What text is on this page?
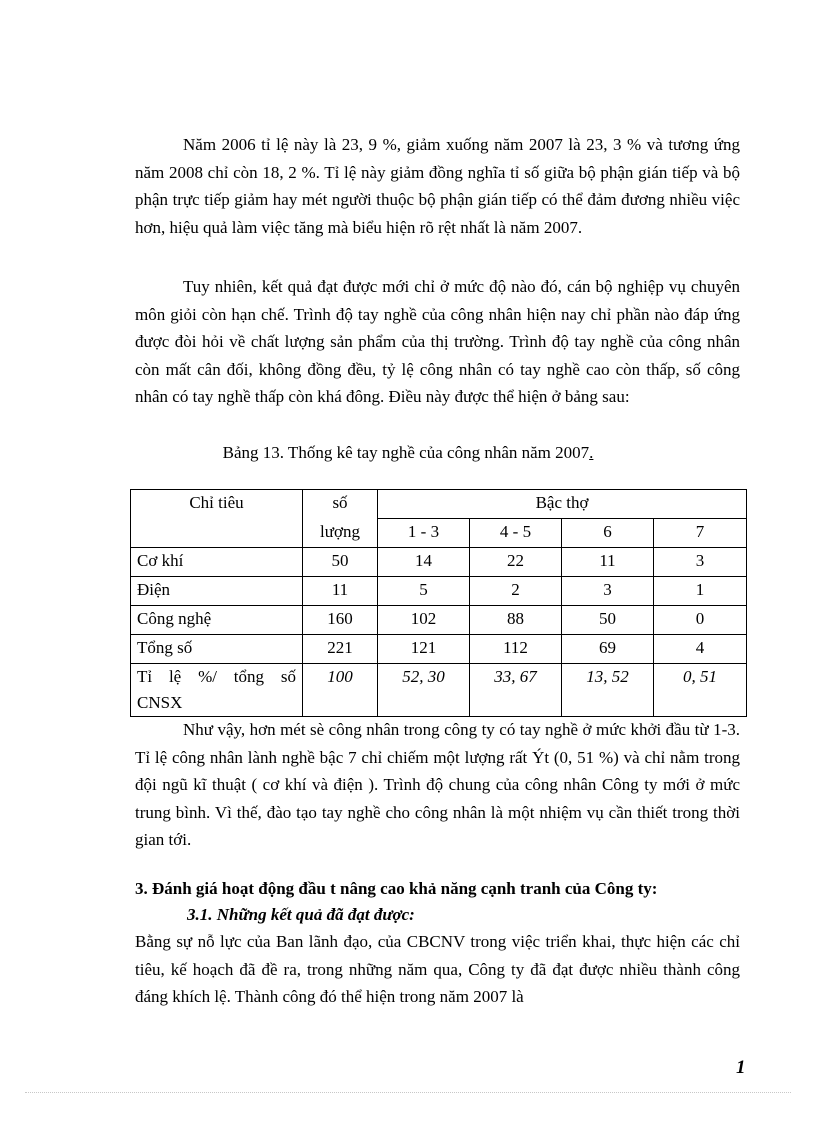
Năm 2006 tỉ lệ này là 23, 9 %, giảm xuống năm 2007 là 23, 3 % và tương ứng năm 2008 chỉ còn 18, 2 %. Tỉ lệ này giảm đồng nghĩa tỉ số giữa bộ phận gián tiếp và bộ phận trực tiếp giảm hay mét người thuộc bộ phận gián tiếp có thể đảm đương nhiều việc hơn, hiệu quả làm việc tăng mà biểu hiện rõ rệt nhất là năm 2007.

Tuy nhiên, kết quả đạt được mới chỉ ở mức độ nào đó, cán bộ nghiệp vụ chuyên môn giỏi còn hạn chế. Trình độ tay nghề của công nhân hiện nay chỉ phần nào đáp ứng được đòi hỏi về chất lượng sản phẩm của thị trường. Trình độ tay nghề của công nhân còn mất cân đối, không đồng đều, tỷ lệ công nhân có tay nghề cao còn thấp, số công nhân có tay nghề thấp còn khá đông. Điều này được thể hiện ở bảng sau:

Bảng 13. Thống kê tay nghề của công nhân năm 2007.
Chỉ tiêu	số	Bậc thợ			
	lượng	1 - 3	4 - 5	6	7
Cơ khí	50	14	22	11	3
Điện	11	5	2	3	1
Công nghệ	160	102	88	50	0
Tổng số	221	121	112	69	4

Tỉ lệ %/ tổng số
CNSX	100	52, 30	33, 67	13, 52	0, 51

Như vậy, hơn mét sè công nhân trong công ty có tay nghề ở mức khởi đầu từ 1-3. Tỉ lệ công nhân lành nghề bậc 7 chỉ chiếm một lượng rất Ýt (0, 51 %) và chỉ nằm trong đội ngũ kĩ thuật ( cơ khí và điện ). Trình độ chung của công nhân Công ty mới ở mức trung bình. Vì thế, đào tạo tay nghề cho công nhân là một nhiệm vụ cần thiết trong thời gian tới.

3. Đánh giá hoạt động đầu t nâng cao khả năng cạnh tranh của Công ty:
3.1. Những kết quả đã đạt được:

Bằng sự nỗ lực của Ban lãnh đạo, của CBCNV trong việc triển khai, thực hiện các chỉ tiêu, kế hoạch đã đề ra, trong những năm qua, Công ty đã đạt được nhiều thành công đáng khích lệ. Thành công đó thể hiện trong năm 2007 là

1
